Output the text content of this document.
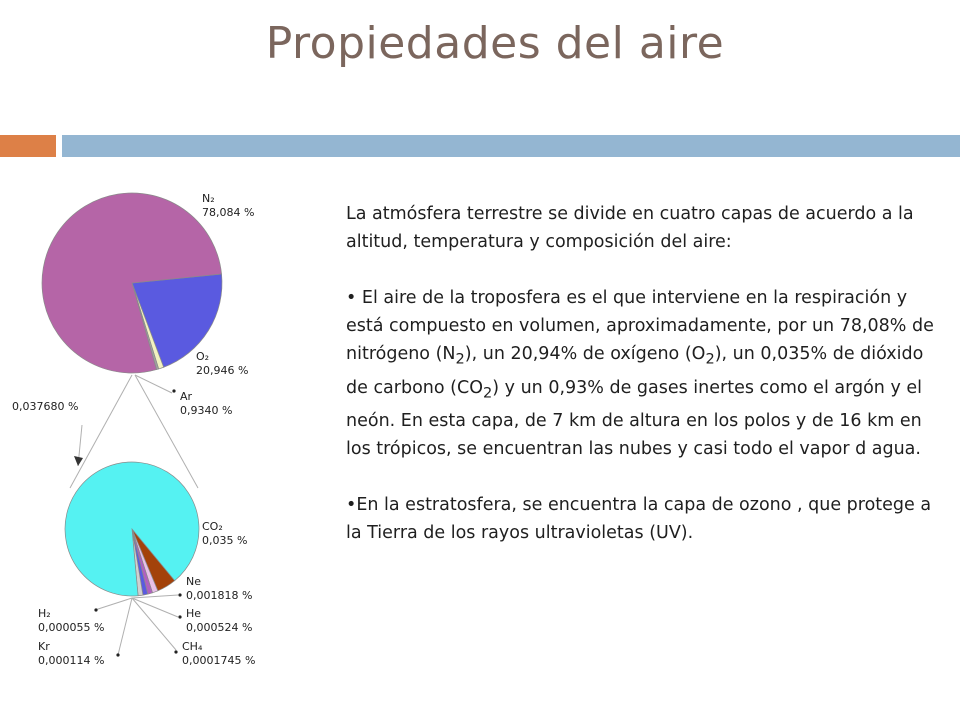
Propiedades del aire
N₂
78,084 %
O₂
20,946 %
Ar
0,9340 %
0,037680 %
CO₂
0,035 %
Ne
0,001818 %
He
0,000524 %
CH₄
0,0001745 %
H₂
0,000055 %
Kr
0,000114 %

La atmósfera terrestre se divide en cuatro capas de acuerdo a la altitud, temperatura y composición del aire:

• El aire de la troposfera es el que interviene en la respiración y está compuesto en volumen, aproximadamente, por un 78,08% de nitrógeno $(N_2)$, un 20,94% de oxígeno $(O_2)$, un 0,035% de dióxido de carbono $(CO_2)$ y un 0,93% de gases inertes como el argón y el neón. En esta capa, de 7 km de altura en los polos y de 16 km en los trópicos, se encuentran las nubes y casi todo el vapor d agua.

•En la estratosfera, se encuentra la capa de ozono , que protege a la Tierra de los rayos ultravioletas (UV).
